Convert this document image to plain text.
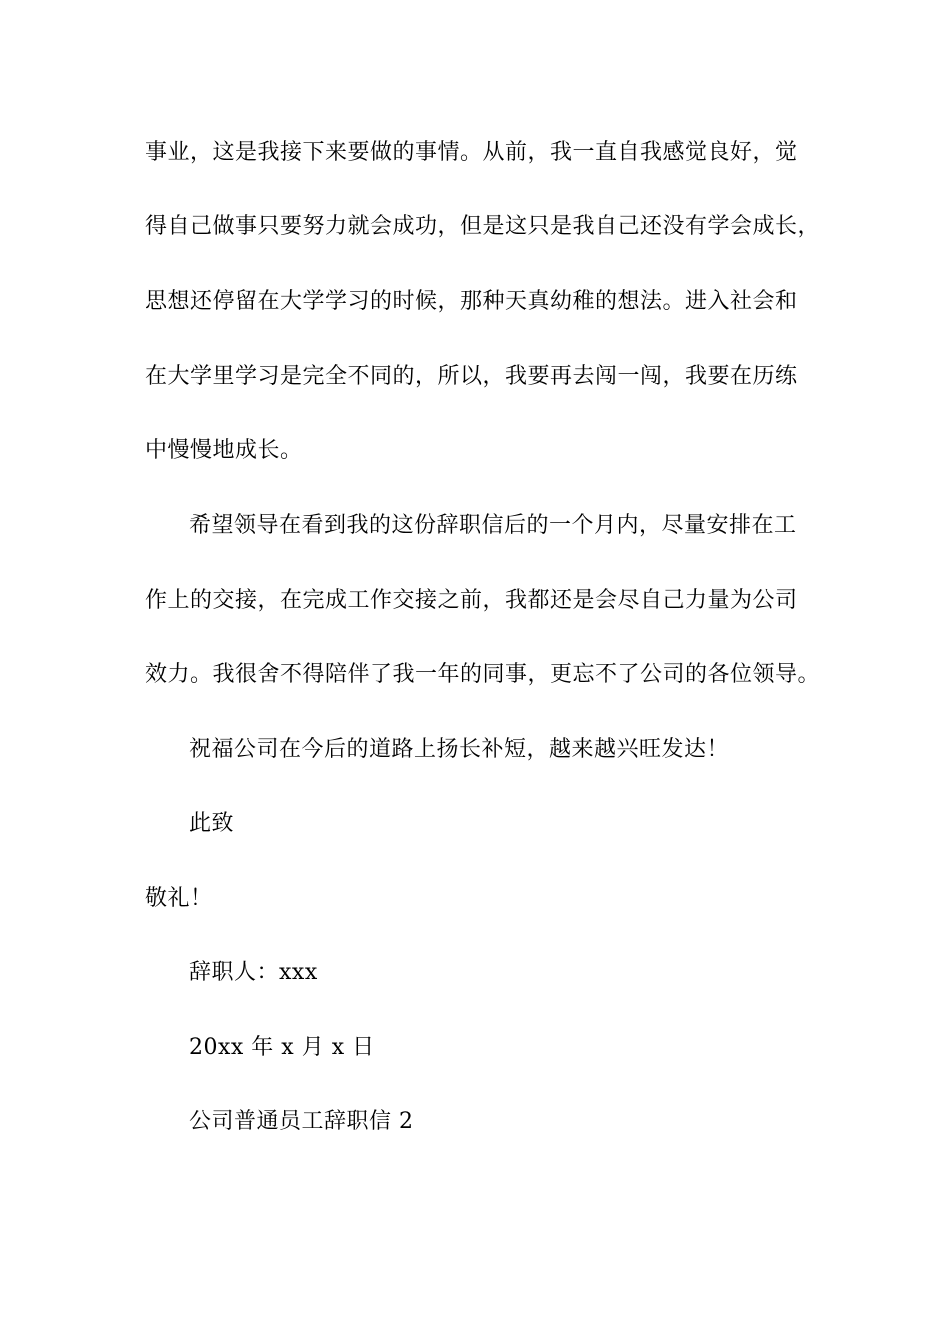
事业，这是我接下来要做的事情。从前，我一直自我感觉良好，觉
得自己做事只要努力就会成功，但是这只是我自己还没有学会成长，
思想还停留在大学学习的时候，那种天真幼稚的想法。进入社会和
在大学里学习是完全不同的，所以，我要再去闯一闯，我要在历练
中慢慢地成长。
希望领导在看到我的这份辞职信后的一个月内，尽量安排在工
作上的交接，在完成工作交接之前，我都还是会尽自己力量为公司
效力。我很舍不得陪伴了我一年的同事，更忘不了公司的各位领导。
祝福公司在今后的道路上扬长补短，越来越兴旺发达！
此致
敬礼！
辞职人：xxx
20xx 年 x 月 x 日
公司普通员工辞职信 2
